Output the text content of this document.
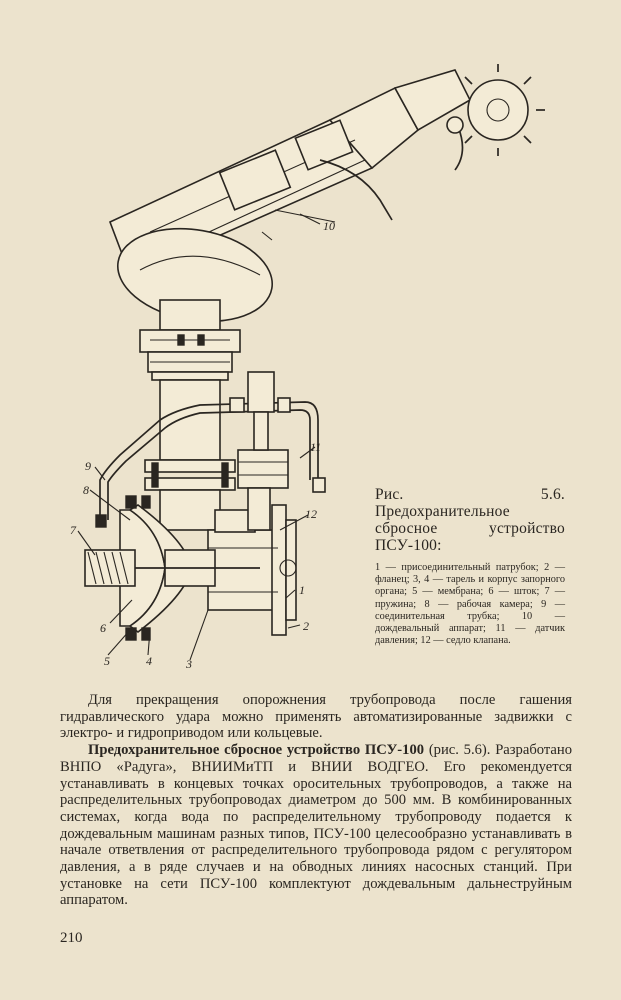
1
2
3
4
5
6
7
8
9
10
11
12

Рис. 5.6. Предохранительное сбросное устройство ПСУ-100:

1 — присоединительный патрубок; 2 — фланец; 3, 4 — тарель и корпус запорного органа; 5 — мембрана; 6 — шток; 7 — пружина; 8 — рабочая камера; 9 — соединительная трубка; 10 — дождевальный аппарат; 11 — датчик давления; 12 — седло клапана.

Для прекращения опорожнения трубопровода после гашения гидравлического удара можно применять автоматизированные задвижки с электро- и гидроприводом или кольцевые.

Предохранительное сбросное устройство ПСУ-100 (рис. 5.6). Разработано ВНПО «Радуга», ВНИИМиТП и ВНИИ ВОДГЕО. Его рекомендуется устанавливать в концевых точках оросительных трубопроводов, а также на распределительных трубопроводах диаметром до 500 мм. В комбинированных системах, когда вода по распределительному трубопроводу подается к дождевальным машинам разных типов, ПСУ-100 целесообразно устанавливать в начале ответвления от распределительного трубопровода рядом с регулятором давления, а в ряде случаев и на обводных линиях насосных станций. При установке на сети ПСУ-100 комплектуют дождевальным дальнеструйным аппаратом.

210
